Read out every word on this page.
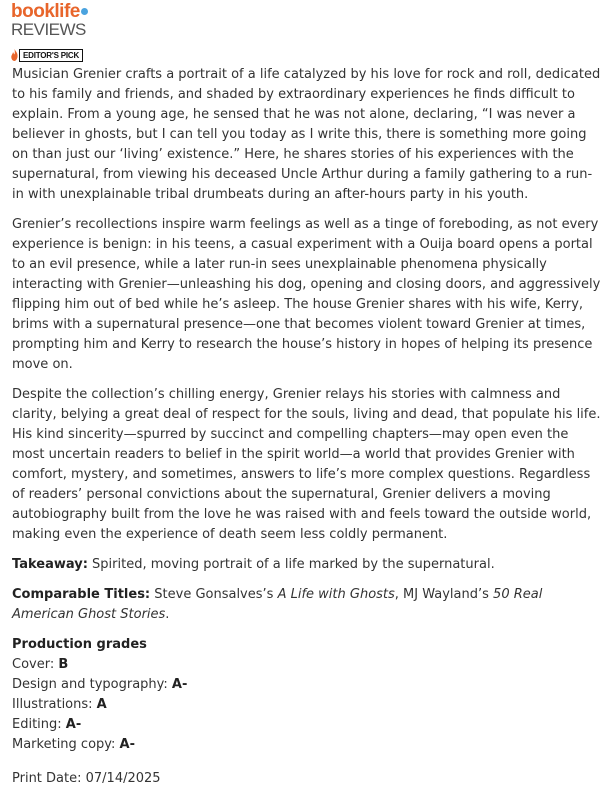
booklife
REVIEWS
EDITOR'S PICK

Musician Grenier crafts a portrait of a life catalyzed by his love for rock and roll, dedicated to his family and friends, and shaded by extraordinary experiences he finds difficult to explain. From a young age, he sensed that he was not alone, declaring, “I was never a believer in ghosts, but I can tell you today as I write this, there is something more going on than just our ‘living’ existence.” Here, he shares stories of his experiences with the supernatural, from viewing his deceased Uncle Arthur during a family gathering to a run-in with unexplainable tribal drumbeats during an after-hours party in his youth.

Grenier’s recollections inspire warm feelings as well as a tinge of foreboding, as not every experience is benign: in his teens, a casual experiment with a Ouija board opens a portal to an evil presence, while a later run-in sees unexplainable phenomena physically interacting with Grenier—unleashing his dog, opening and closing doors, and aggressively flipping him out of bed while he’s asleep. The house Grenier shares with his wife, Kerry, brims with a supernatural presence—one that becomes violent toward Grenier at times, prompting him and Kerry to research the house’s history in hopes of helping its presence move on.

Despite the collection’s chilling energy, Grenier relays his stories with calmness and clarity, belying a great deal of respect for the souls, living and dead, that populate his life. His kind sincerity—spurred by succinct and compelling chapters—may open even the most uncertain readers to belief in the spirit world—a world that provides Grenier with comfort, mystery, and sometimes, answers to life’s more complex questions. Regardless of readers’ personal convictions about the supernatural, Grenier delivers a moving autobiography built from the love he was raised with and feels toward the outside world, making even the experience of death seem less coldly permanent.

Takeaway: Spirited, moving portrait of a life marked by the supernatural.

Comparable Titles: Steve Gonsalves’s A Life with Ghosts, MJ Wayland’s 50 Real American Ghost Stories.

Production grades
Cover: B
Design and typography: A-
Illustrations: A
Editing: A-
Marketing copy: A-
Print Date: 07/14/2025
